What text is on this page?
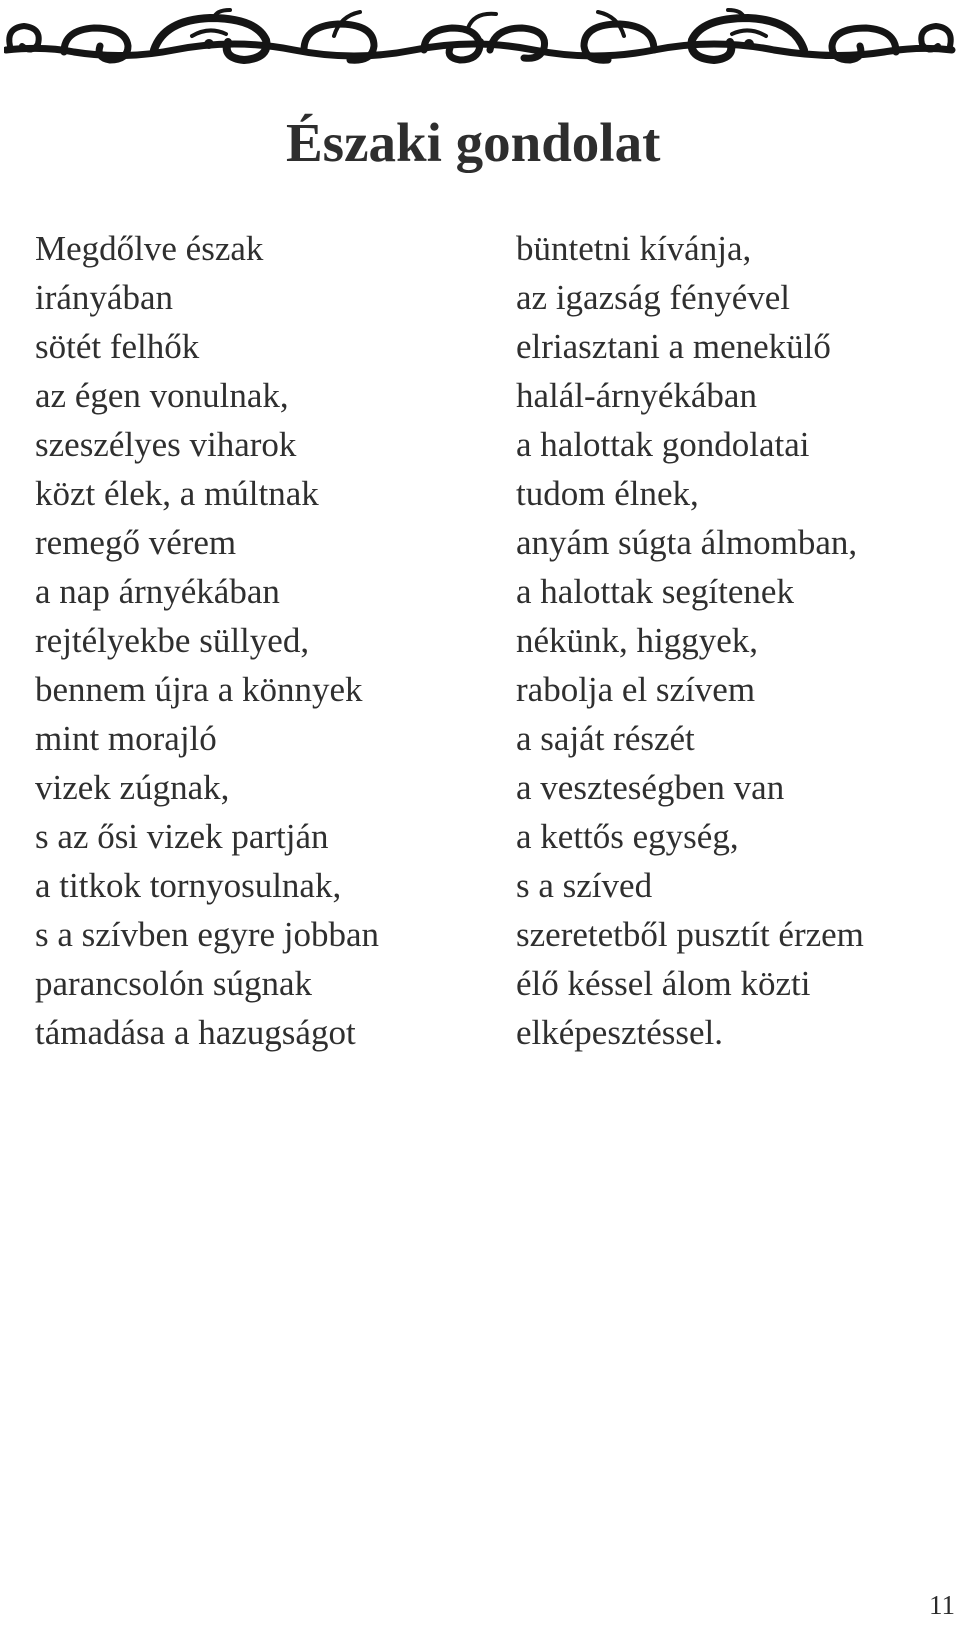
Északi gondolat
Megdőlve észak
irányában
sötét felhők
az égen vonulnak,
szeszélyes viharok
közt élek, a múltnak
remegő vérem
a nap árnyékában
rejtélyekbe süllyed,
bennem újra a könnyek
mint morajló
vizek zúgnak,
s az ősi vizek partján
a titkok tornyosulnak,
s a szívben egyre jobban
parancsolón súgnak
támadása a hazugságot
büntetni kívánja,
az igazság fényével
elriasztani a menekülő
halál-árnyékában
a halottak gondolatai
tudom élnek,
anyám súgta álmomban,
a halottak segítenek
nékünk, higgyek,
rabolja el szívem
a saját részét
a veszteségben van
a kettős egység,
s a szíved
szeretetből pusztít érzem
élő késsel álom közti
elképesztéssel.
11
